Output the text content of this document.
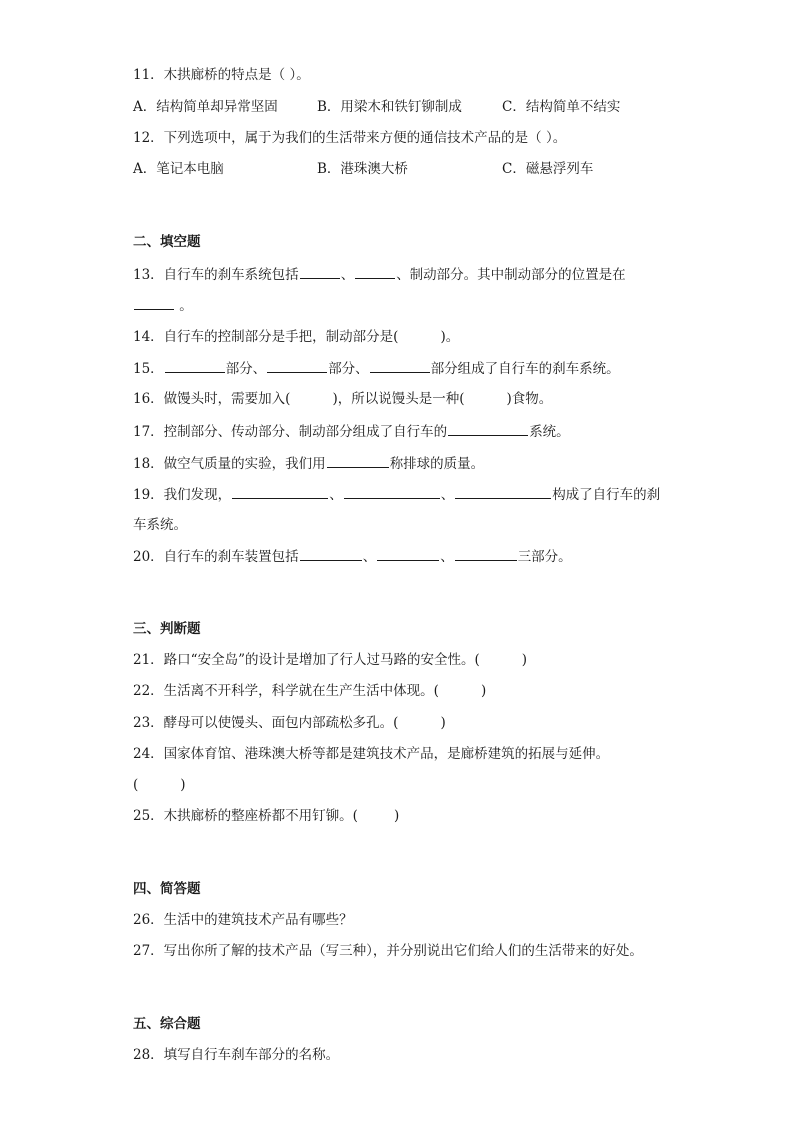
11．木拱廊桥的特点是（ ）。
A．结构简单却异常坚固	B．用梁木和铁钉铆制成	C．结构简单不结实
12．下列选项中，属于为我们的生活带来方便的通信技术产品的是（ ）。
A．笔记本电脑	B．港珠澳大桥	C．磁悬浮列车
二、填空题
13．自行车的刹车系统包括	、	、制动部分。其中制动部分的位置是在
。
14．自行车的控制部分是手把，制动部分是(	)。
15．	部分、	部分、	部分组成了自行车的刹车系统。
16．做馒头时，需要加入(	)，所以说馒头是一种(	)食物。
17．控制部分、传动部分、制动部分组成了自行车的	系统。
18．做空气质量的实验，我们用	称排球的质量。
19．我们发现，	、	、	构成了自行车的刹
车系统。
20．自行车的刹车装置包括	、	、	三部分。
三、判断题
21．路口“安全岛”的设计是增加了行人过马路的安全性。(	)
22．生活离不开科学，科学就在生产生活中体现。(	)
23．酵母可以使馒头、面包内部疏松多孔。(	)
24．国家体育馆、港珠澳大桥等都是建筑技术产品，是廊桥建筑的拓展与延伸。
(	)
25．木拱廊桥的整座桥都不用钉铆。(	)
四、简答题
26．生活中的建筑技术产品有哪些？
27．写出你所了解的技术产品（写三种），并分别说出它们给人们的生活带来的好处。
五、综合题
28．填写自行车刹车部分的名称。
